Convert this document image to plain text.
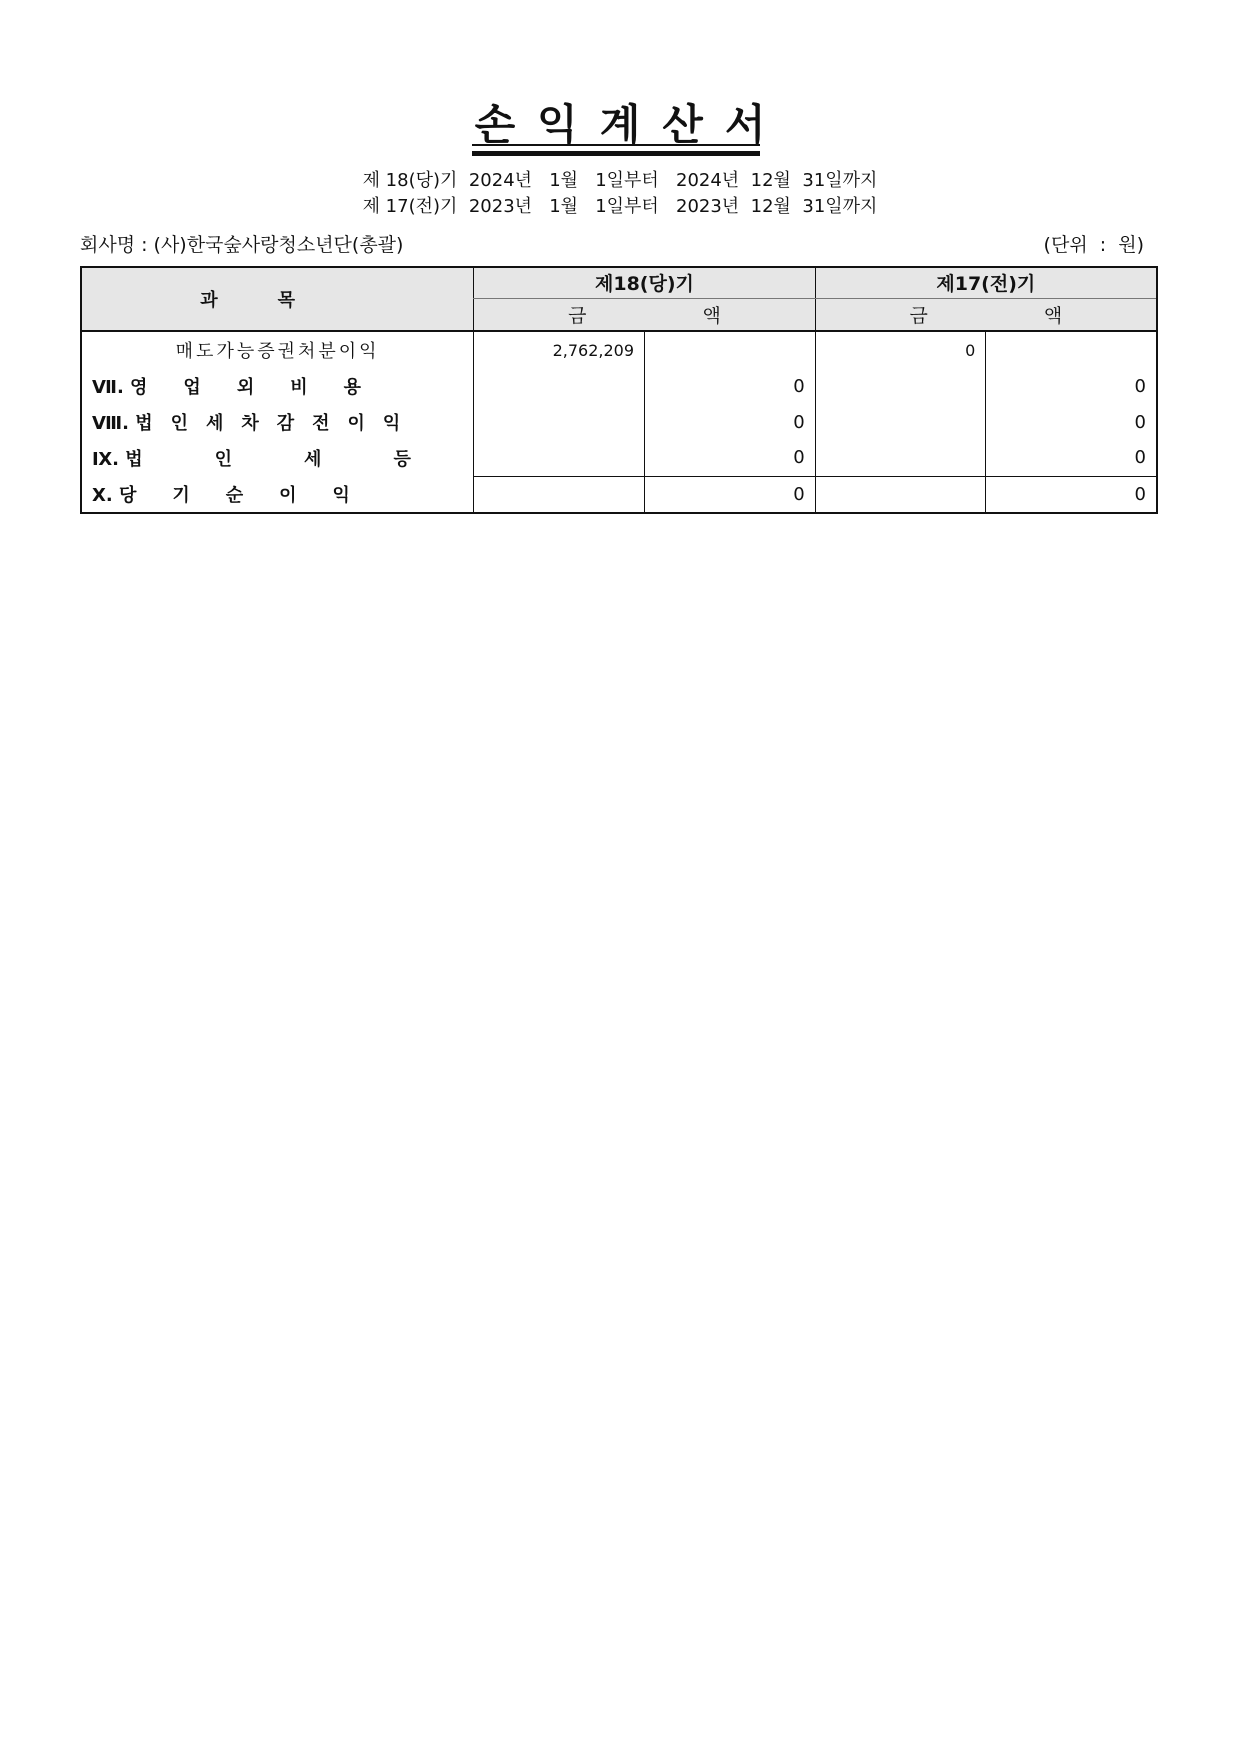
손익계산서
제 18(당)기  2024년   1월   1일부터   2024년  12월  31일까지
제 17(전)기  2023년   1월   1일부터   2023년  12월  31일까지
회사명 : (사)한국숲사랑청소년단(총괄)	(단위  :  원)
과목	제18(당)기		제17(전)기	
	금 액		금 액	
매도가능증권처분이익	2,762,209		0	
Ⅶ. 영　　업　　외　　비　　용		0		0
Ⅷ. 법　인　세　차　감　전　이　익		0		0
Ⅸ. 법　　　　인　　　　세　　　　등		0		0
Ⅹ. 당　　기　　순　　이　　익		0		0
